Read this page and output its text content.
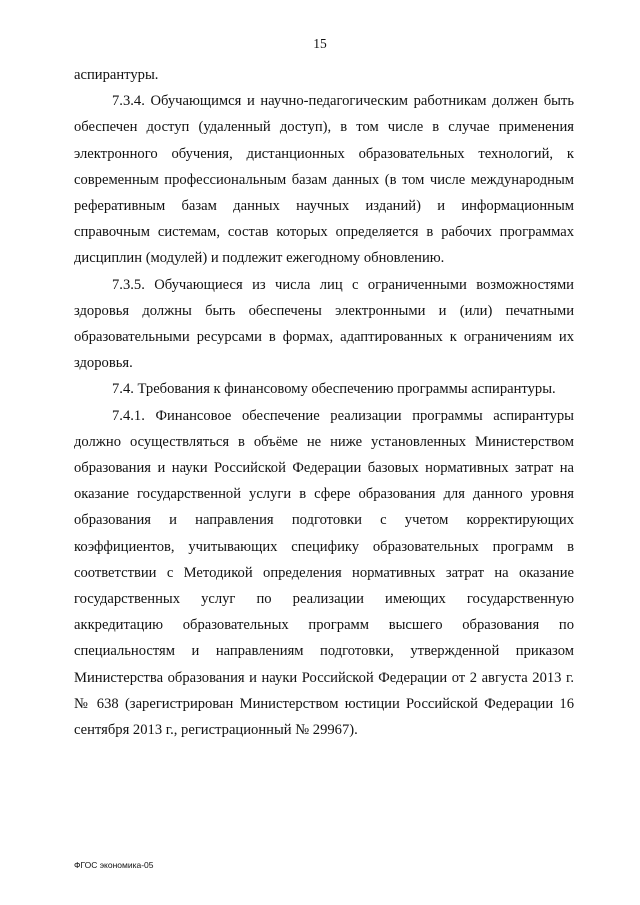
15

аспирантуры.

7.3.4. Обучающимся и научно-педагогическим работникам должен быть обеспечен доступ (удаленный доступ), в том числе в случае применения электронного обучения, дистанционных образовательных технологий, к современным профессиональным базам данных (в том числе международным реферативным базам данных научных изданий) и информационным справочным системам, состав которых определяется в рабочих программах дисциплин (модулей) и подлежит ежегодному обновлению.

7.3.5. Обучающиеся из числа лиц с ограниченными возможностями здоровья должны быть обеспечены электронными и (или) печатными образовательными ресурсами в формах, адаптированных к ограничениям их здоровья.

7.4. Требования к финансовому обеспечению программы аспирантуры.

7.4.1. Финансовое обеспечение реализации программы аспирантуры должно осуществляться в объёме не ниже установленных Министерством образования и науки Российской Федерации базовых нормативных затрат на оказание государственной услуги в сфере образования для данного уровня образования и направления подготовки с учетом корректирующих коэффициентов, учитывающих специфику образовательных программ в соответствии с Методикой определения нормативных затрат на оказание государственных услуг по реализации имеющих государственную аккредитацию образовательных программ высшего образования по специальностям и направлениям подготовки, утвержденной приказом Министерства образования и науки Российской Федерации от 2 августа 2013 г. № 638 (зарегистрирован Министерством юстиции Российской Федерации 16 сентября 2013 г., регистрационный № 29967).

ФГОС экономика-05
